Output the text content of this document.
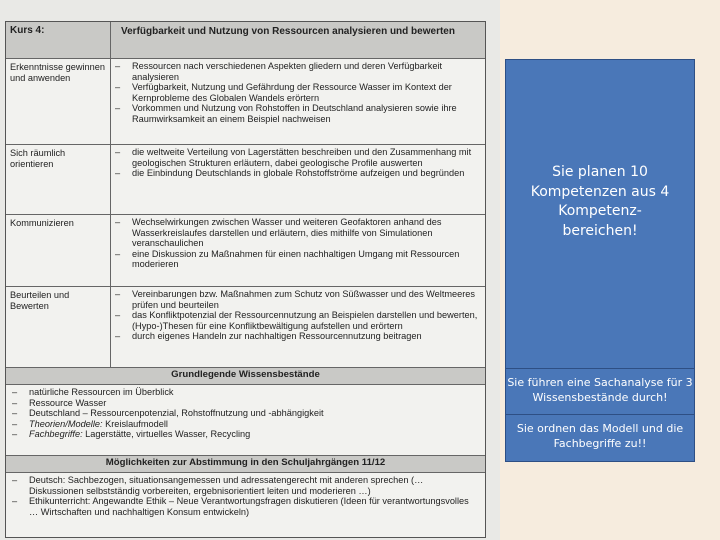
Kurs 4:	Verfügbarkeit und Nutzung von Ressourcen analysieren und bewerten
Erkenntnisse gewinnen und anwenden
– Ressourcen nach verschiedenen Aspekten gliedern und deren Verfügbarkeit analysieren
– Verfügbarkeit, Nutzung und Gefährdung der Ressource Wasser im Kontext der Kernprobleme des Globalen Wandels erörtern
– Vorkommen und Nutzung von Rohstoffen in Deutschland analysieren sowie ihre Raumwirksamkeit an einem Beispiel nachweisen
Sich räumlich orientieren
– die weltweite Verteilung von Lagerstätten beschreiben und den Zusammenhang mit geologischen Strukturen erläutern, dabei geologische Profile auswerten
– die Einbindung Deutschlands in globale Rohstoffströme aufzeigen und begründen
Kommunizieren	– Wechselwirkungen zwischen Wasser und weiteren Geofaktoren anhand des Wasserkreislaufes darstellen und erläutern, dies mithilfe von Simulationen veranschaulichen
– eine Diskussion zu Maßnahmen für einen nachhaltigen Umgang mit Ressourcen moderieren
Beurteilen und Bewerten
– Vereinbarungen bzw. Maßnahmen zum Schutz von Süßwasser und des Weltmeeres prüfen und beurteilen
– das Konfliktpotenzial der Ressourcennutzung an Beispielen darstellen und bewerten, (Hypo-)Thesen für eine Konfliktbewältigung aufstellen und erörtern
– durch eigenes Handeln zur nachhaltigen Ressourcennutzung beitragen
Grundlegende Wissensbestände
– natürliche Ressourcen im Überblick
– Ressource Wasser
– Deutschland – Ressourcenpotenzial, Rohstoffnutzung und -abhängigkeit
– Theorien/Modelle: Kreislaufmodell
– Fachbegriffe: Lagerstätte, virtuelles Wasser, Recycling
Möglichkeiten zur Abstimmung in den Schuljahrgängen 11/12
– Deutsch: Sachbezogen, situationsangemessen und adressatengerecht mit anderen sprechen (… Diskussionen selbstständig vorbereiten, ergebnisorientiert leiten und moderieren …)
– Ethikunterricht: Angewandte Ethik – Neue Verantwortungsfragen diskutieren (Ideen für verantwortungsvolles … Wirtschaften und nachhaltigen Konsum entwickeln)
Sie planen 10 Kompetenzen aus 4 Kompetenz-bereichen!
Sie führen eine Sachanalyse für 3 Wissensbestände durch!
Sie ordnen das Modell und die Fachbegriffe zu!!
